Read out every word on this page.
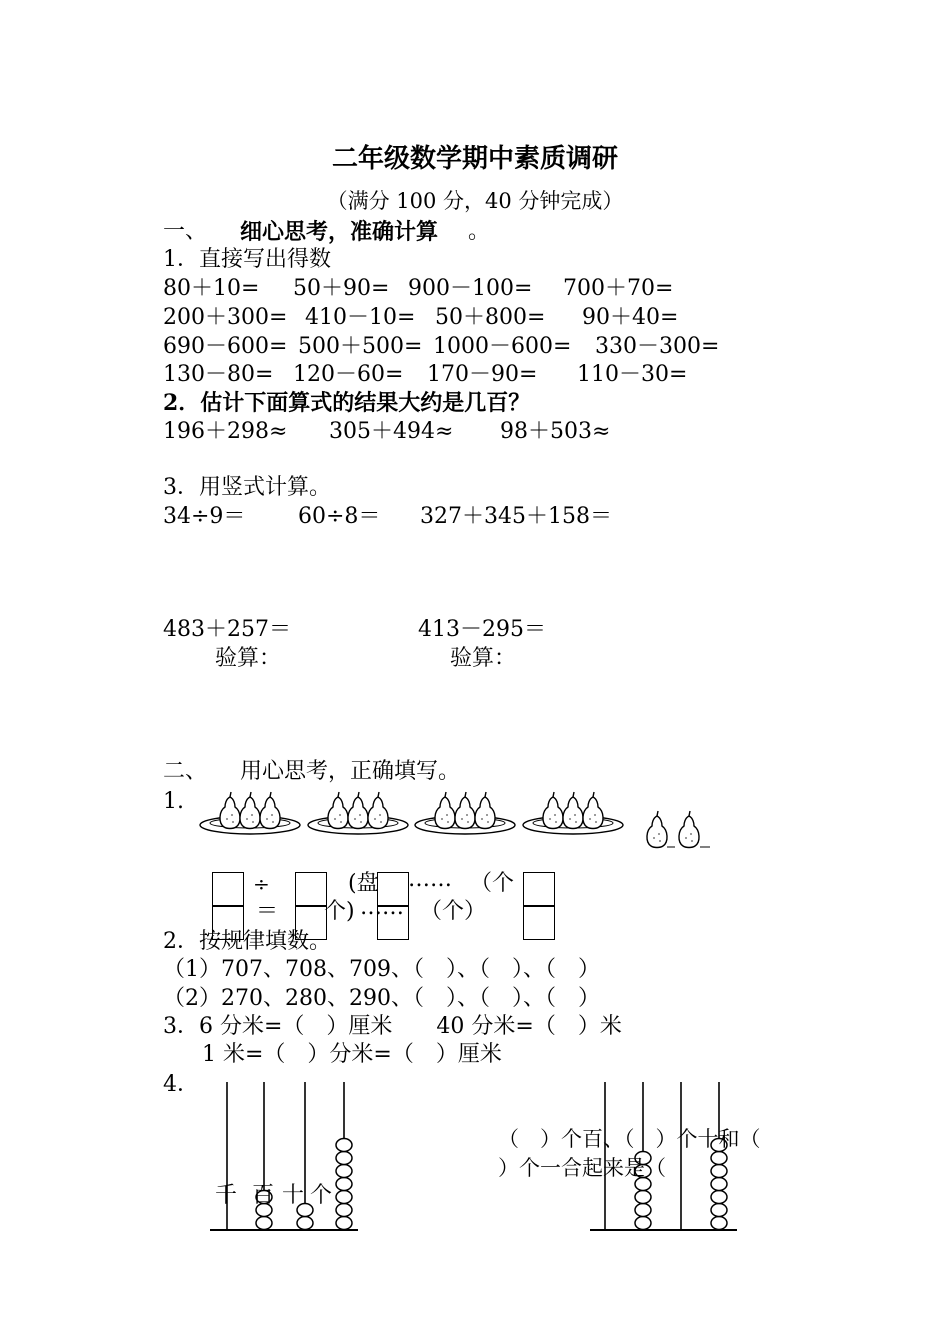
二年级数学期中素质调研
（满分 100 分，40 分钟完成）
一、 细心思考，准确计算 。
1．直接写出得数
80＋10= 50＋90= 900－100= 700＋70=
200＋300= 410－10= 50＋800= 90＋40=
690－600= 500＋500= 1000－600= 330－300=
130－80= 120－60= 170－90= 110－30=
2．估计下面算式的结果大约是几百？
196＋298≈ 305＋494≈ 98＋503≈
3．用竖式计算。
34÷9＝ 60÷8＝ 327＋345＋158＝
483＋257＝	413－295＝
验算：	验算：
二、 用心思考，正确填写。
1.
÷	(盘 …… （个
＝ 个) …… （个）
2．按规律填数。
（1）707、708、709、（　）、（　）、（　）
（2）270、280、290、（　）、（　）、（　）
3．6 分米=（　）厘米　　40 分米=（　）米
1 米=（　）分米=（　）厘米
4．
千 百 十 个
（　）个百、（　）个十和（
）个一合起来是（
